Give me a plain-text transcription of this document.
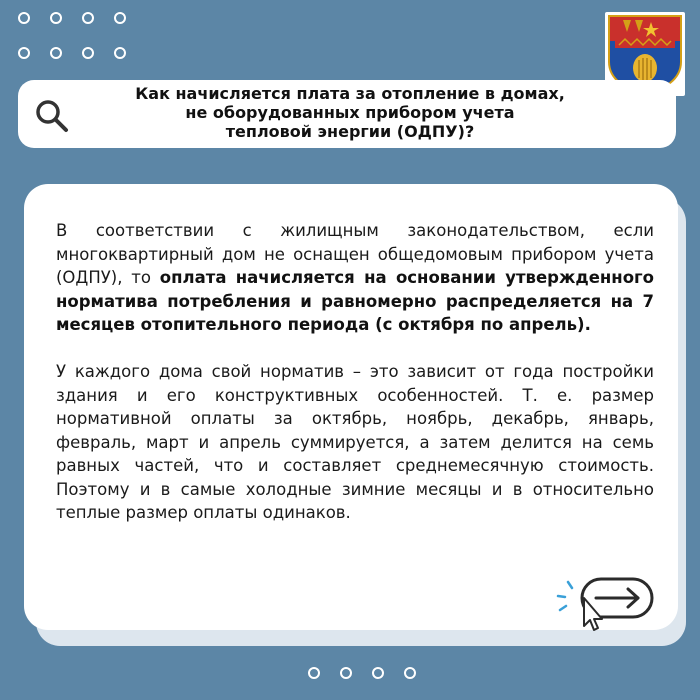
Как начисляется плата за отопление в домах,
не оборудованных прибором учета
тепловой энергии (ОДПУ)?

В соответствии с жилищным законодательством, если многоквартирный дом не оснащен общедомовым прибором учета (ОДПУ), то оплата начисляется на основании утвержденного норматива потребления и равномерно распределяется на 7 месяцев отопительного периода (с октября по апрель).

У каждого дома свой норматив – это зависит от года постройки здания и его конструктивных особенностей. Т. е. размер нормативной оплаты за октябрь, ноябрь, декабрь, январь, февраль, март и апрель суммируется, а затем делится на семь равных частей, что и составляет среднемесячную стоимость. Поэтому и в самые холодные зимние месяцы и в относительно теплые размер оплаты одинаков.
